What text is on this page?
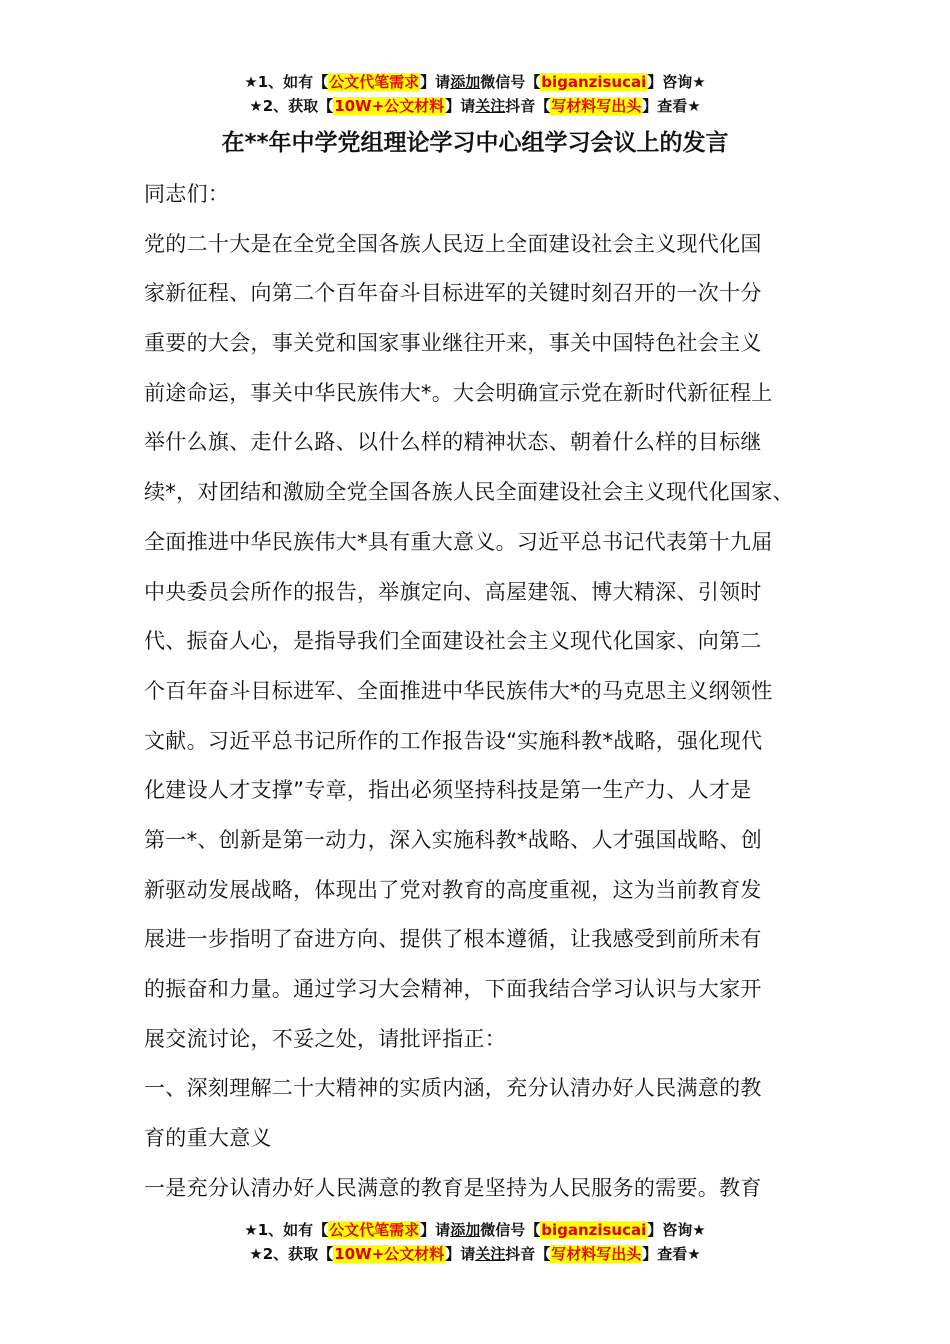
★1、如有【公文代笔需求】请添加微信号【biganzisucai】咨询★
★2、获取【10W+公文材料】请关注抖音【写材料写出头】查看★
在**年中学党组理论学习中心组学习会议上的发言
同志们：
党的二十大是在全党全国各族人民迈上全面建设社会主义现代化国
家新征程、向第二个百年奋斗目标进军的关键时刻召开的一次十分
重要的大会，事关党和国家事业继往开来，事关中国特色社会主义
前途命运，事关中华民族伟大*。大会明确宣示党在新时代新征程上
举什么旗、走什么路、以什么样的精神状态、朝着什么样的目标继
续*，对团结和激励全党全国各族人民全面建设社会主义现代化国家、
全面推进中华民族伟大*具有重大意义。习近平总书记代表第十九届
中央委员会所作的报告，举旗定向、高屋建瓴、博大精深、引领时
代、振奋人心，是指导我们全面建设社会主义现代化国家、向第二
个百年奋斗目标进军、全面推进中华民族伟大*的马克思主义纲领性
文献。习近平总书记所作的工作报告设“实施科教*战略，强化现代
化建设人才支撑”专章，指出必须坚持科技是第一生产力、人才是
第一*、创新是第一动力，深入实施科教*战略、人才强国战略、创
新驱动发展战略，体现出了党对教育的高度重视，这为当前教育发
展进一步指明了奋进方向、提供了根本遵循，让我感受到前所未有
的振奋和力量。通过学习大会精神，下面我结合学习认识与大家开
展交流讨论，不妥之处，请批评指正：
一、深刻理解二十大精神的实质内涵，充分认清办好人民满意的教
育的重大意义
一是充分认清办好人民满意的教育是坚持为人民服务的需要。教育
★1、如有【公文代笔需求】请添加微信号【biganzisucai】咨询★
★2、获取【10W+公文材料】请关注抖音【写材料写出头】查看★
